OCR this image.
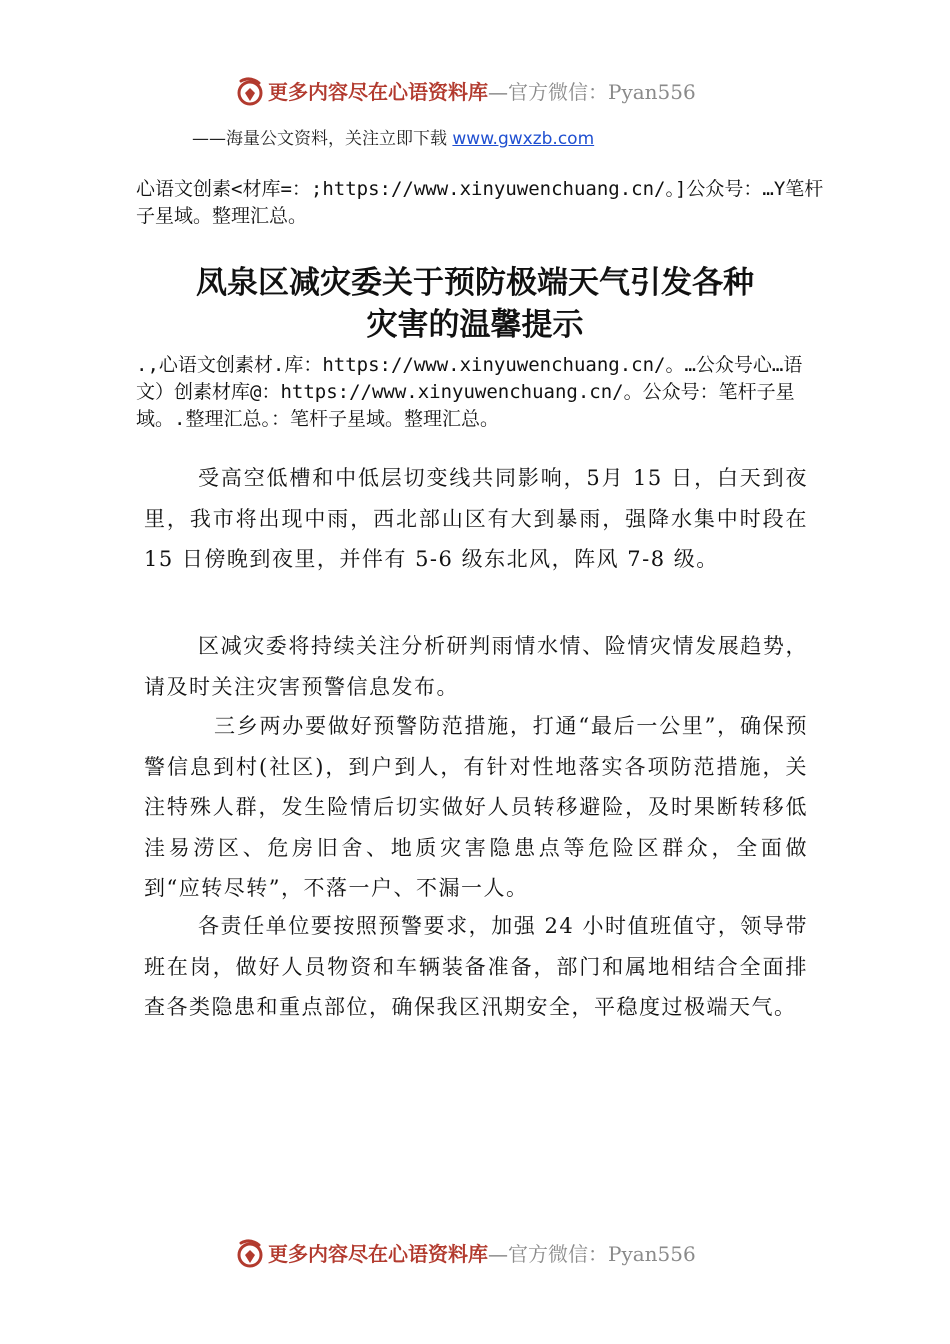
更多内容尽在心语资料库—官方微信：Pyan556
——海量公文资料，关注立即下载 www.gwxzb.com
心语文创素<材库=：;https://www.xinyuwenchuang.cn/。]公众号：…Y笔杆子星域。整理汇总。
凤泉区减灾委关于预防极端天气引发各种
灾害的温馨提示
.,心语文创素材.库：https://www.xinyuwenchuang.cn/。…公众号心…语文）创素材库@：https://www.xinyuwenchuang.cn/。公众号：笔杆子星域。.整理汇总。：笔杆子星域。整理汇总。

受高空低槽和中低层切变线共同影响，5月 15 日，白天到夜里，我市将出现中雨，西北部山区有大到暴雨，强降水集中时段在 15 日傍晚到夜里，并伴有 5-6 级东北风，阵风 7-8 级。

区减灾委将持续关注分析研判雨情水情、险情灾情发展趋势，请及时关注灾害预警信息发布。

三乡两办要做好预警防范措施，打通“最后一公里”，确保预警信息到村(社区)，到户到人，有针对性地落实各项防范措施，关注特殊人群，发生险情后切实做好人员转移避险，及时果断转移低洼易涝区、危房旧舍、地质灾害隐患点等危险区群众，全面做到“应转尽转”，不落一户、不漏一人。

各责任单位要按照预警要求，加强 24 小时值班值守，领导带班在岗，做好人员物资和车辆装备准备，部门和属地相结合全面排查各类隐患和重点部位，确保我区汛期安全，平稳度过极端天气。

更多内容尽在心语资料库—官方微信：Pyan556
